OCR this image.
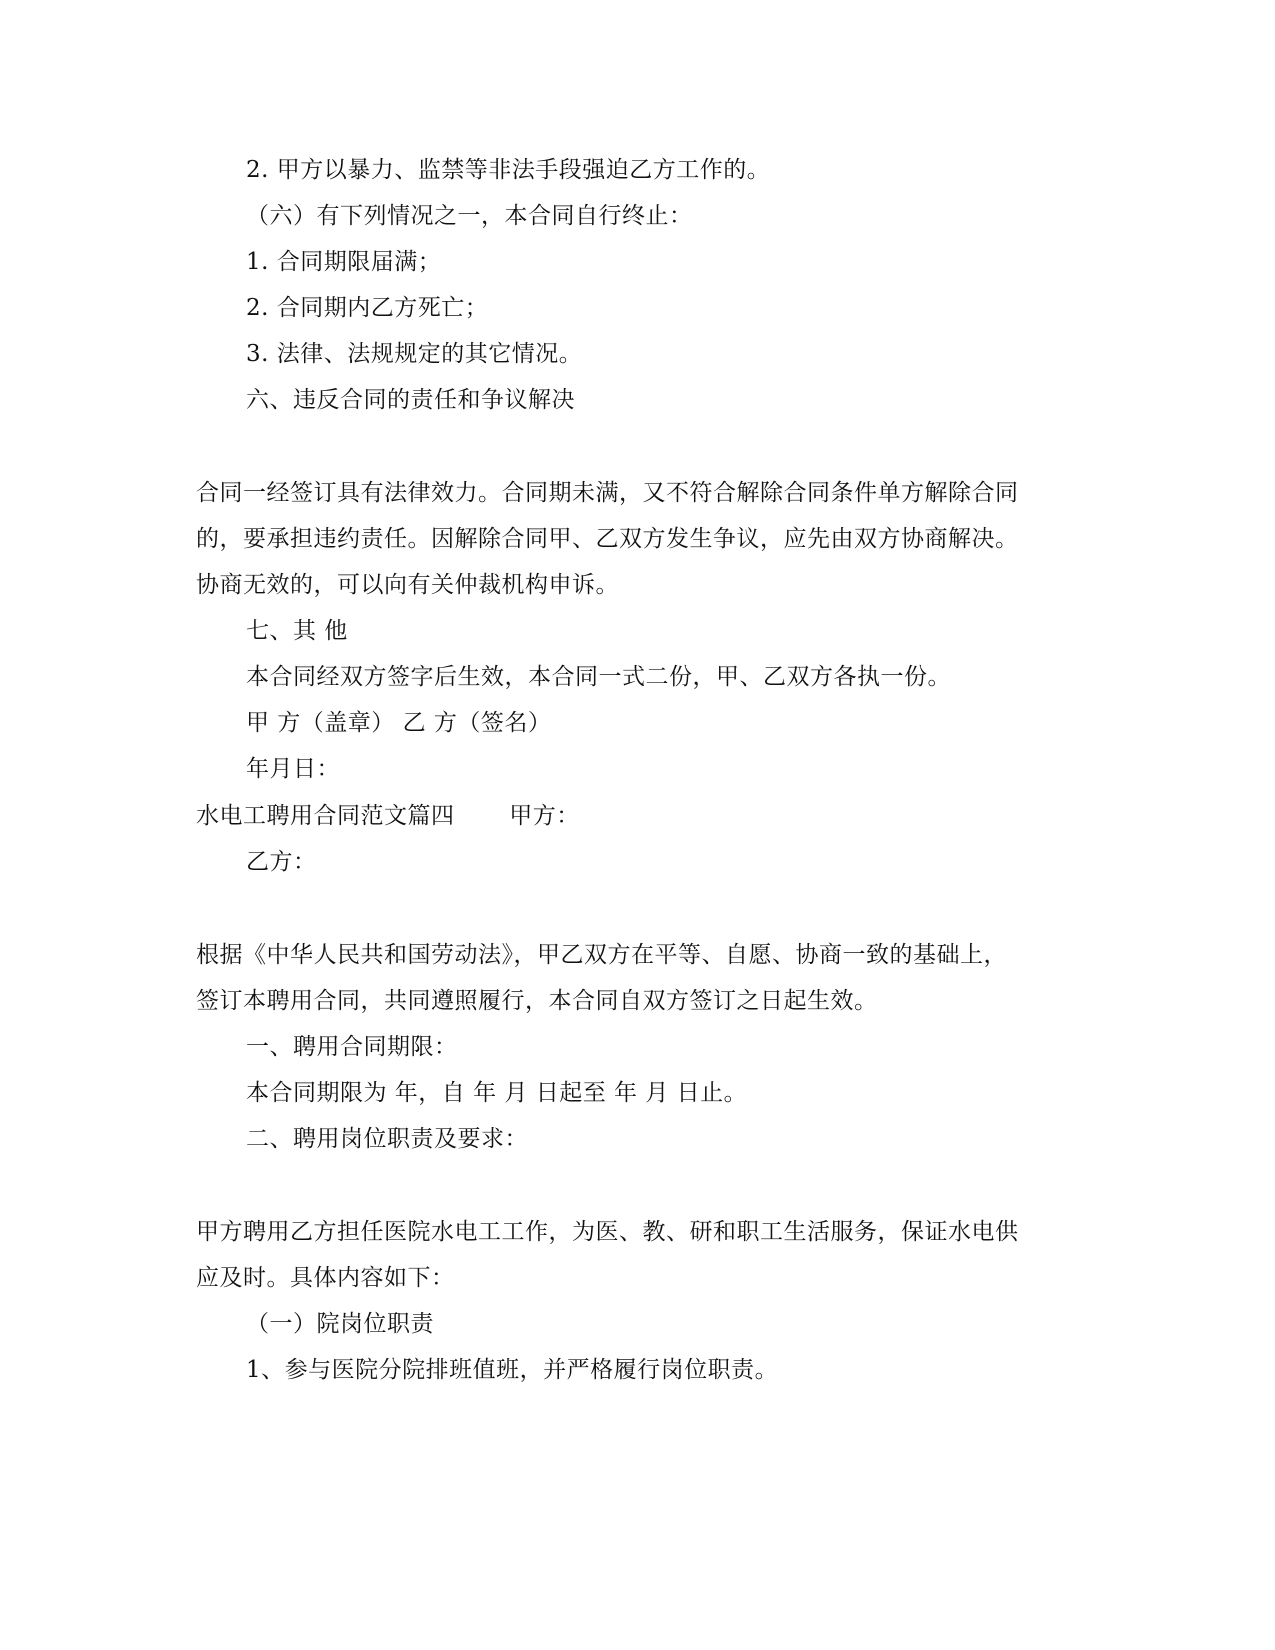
2. 甲方以暴力、监禁等非法手段强迫乙方工作的。
（六）有下列情况之一，本合同自行终止：
1. 合同期限届满；
2. 合同期内乙方死亡；
3. 法律、法规规定的其它情况。
六、违反合同的责任和争议解决
合同一经签订具有法律效力。合同期未满，又不符合解除合同条件单方解除合同
的，要承担违约责任。因解除合同甲、乙双方发生争议，应先由双方协商解决。
协商无效的，可以向有关仲裁机构申诉。
七、其 他
本合同经双方签字后生效，本合同一式二份，甲、乙双方各执一份。
甲 方（盖章） 乙 方（签名）
年月日：
水电工聘用合同范文篇四　　 甲方：
乙方：
根据《中华人民共和国劳动法》，甲乙双方在平等、自愿、协商一致的基础上，
签订本聘用合同，共同遵照履行，本合同自双方签订之日起生效。
一、聘用合同期限：
本合同期限为 年，自 年 月 日起至 年 月 日止。
二、聘用岗位职责及要求：
甲方聘用乙方担任医院水电工工作，为医、教、研和职工生活服务，保证水电供
应及时。具体内容如下：
（一）院岗位职责
1、参与医院分院排班值班，并严格履行岗位职责。
